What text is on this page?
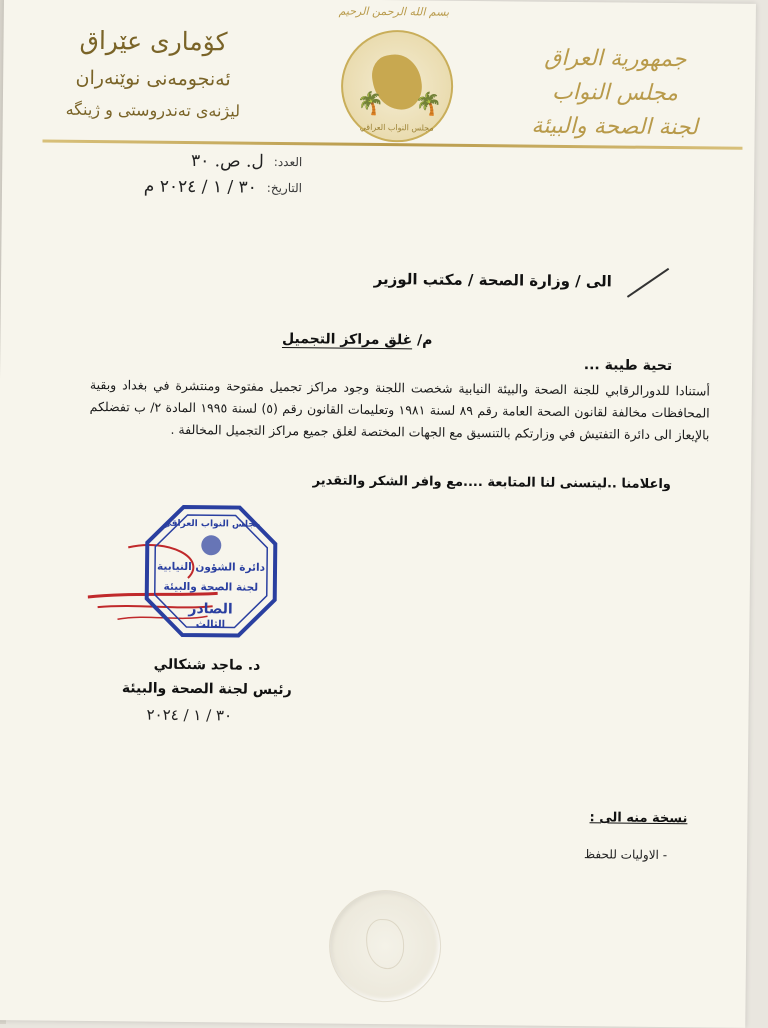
بسم الله الرحمن الرحيم
جمهورية العراق
مجلس النواب
لجنة الصحة والبيئة
🌴 🌴
مجلس النواب العراقي
كۆماری عێراق
ئەنجومەنی نوێنەران
لیژنەی تەندروستی و ژینگە
العدد:
ل. ص. ٣٠
التاريخ:
٣٠ / ١ / ٢٠٢٤ م
الى / وزارة الصحة / مكتب الوزير
م/ غلق مراكز التجميل
تحية طيبة ...
أستنادا للدورالرقابي للجنة الصحة والبيئة النيابية شخصت اللجنة وجود مراكز تجميل مفتوحة ومنتشرة في بغداد وبقية المحافظات مخالفة لقانون الصحة العامة رقم ٨٩ لسنة ١٩٨١ وتعليمات القانون رقم (٥) لسنة ١٩٩٥ المادة ٢/ ب تفضلكم بالإيعاز الى دائرة التفتيش في وزارتكم بالتنسيق مع الجهات المختصة لغلق جميع مراكز التجميل المخالفة .
واعلامنا ..ليتسنى لنا المتابعة ....مع وافر الشكر والتقدير
مجلس النواب العراقي
دائرة الشؤون النيابية
لجنة الصحة والبيئة
الصادر
الثالث
د. ماجد شنكالي
رئيس لجنة الصحة والبيئة
٣٠ / ١ / ٢٠٢٤
نسخة منه الى :
- الاوليات للحفظ
